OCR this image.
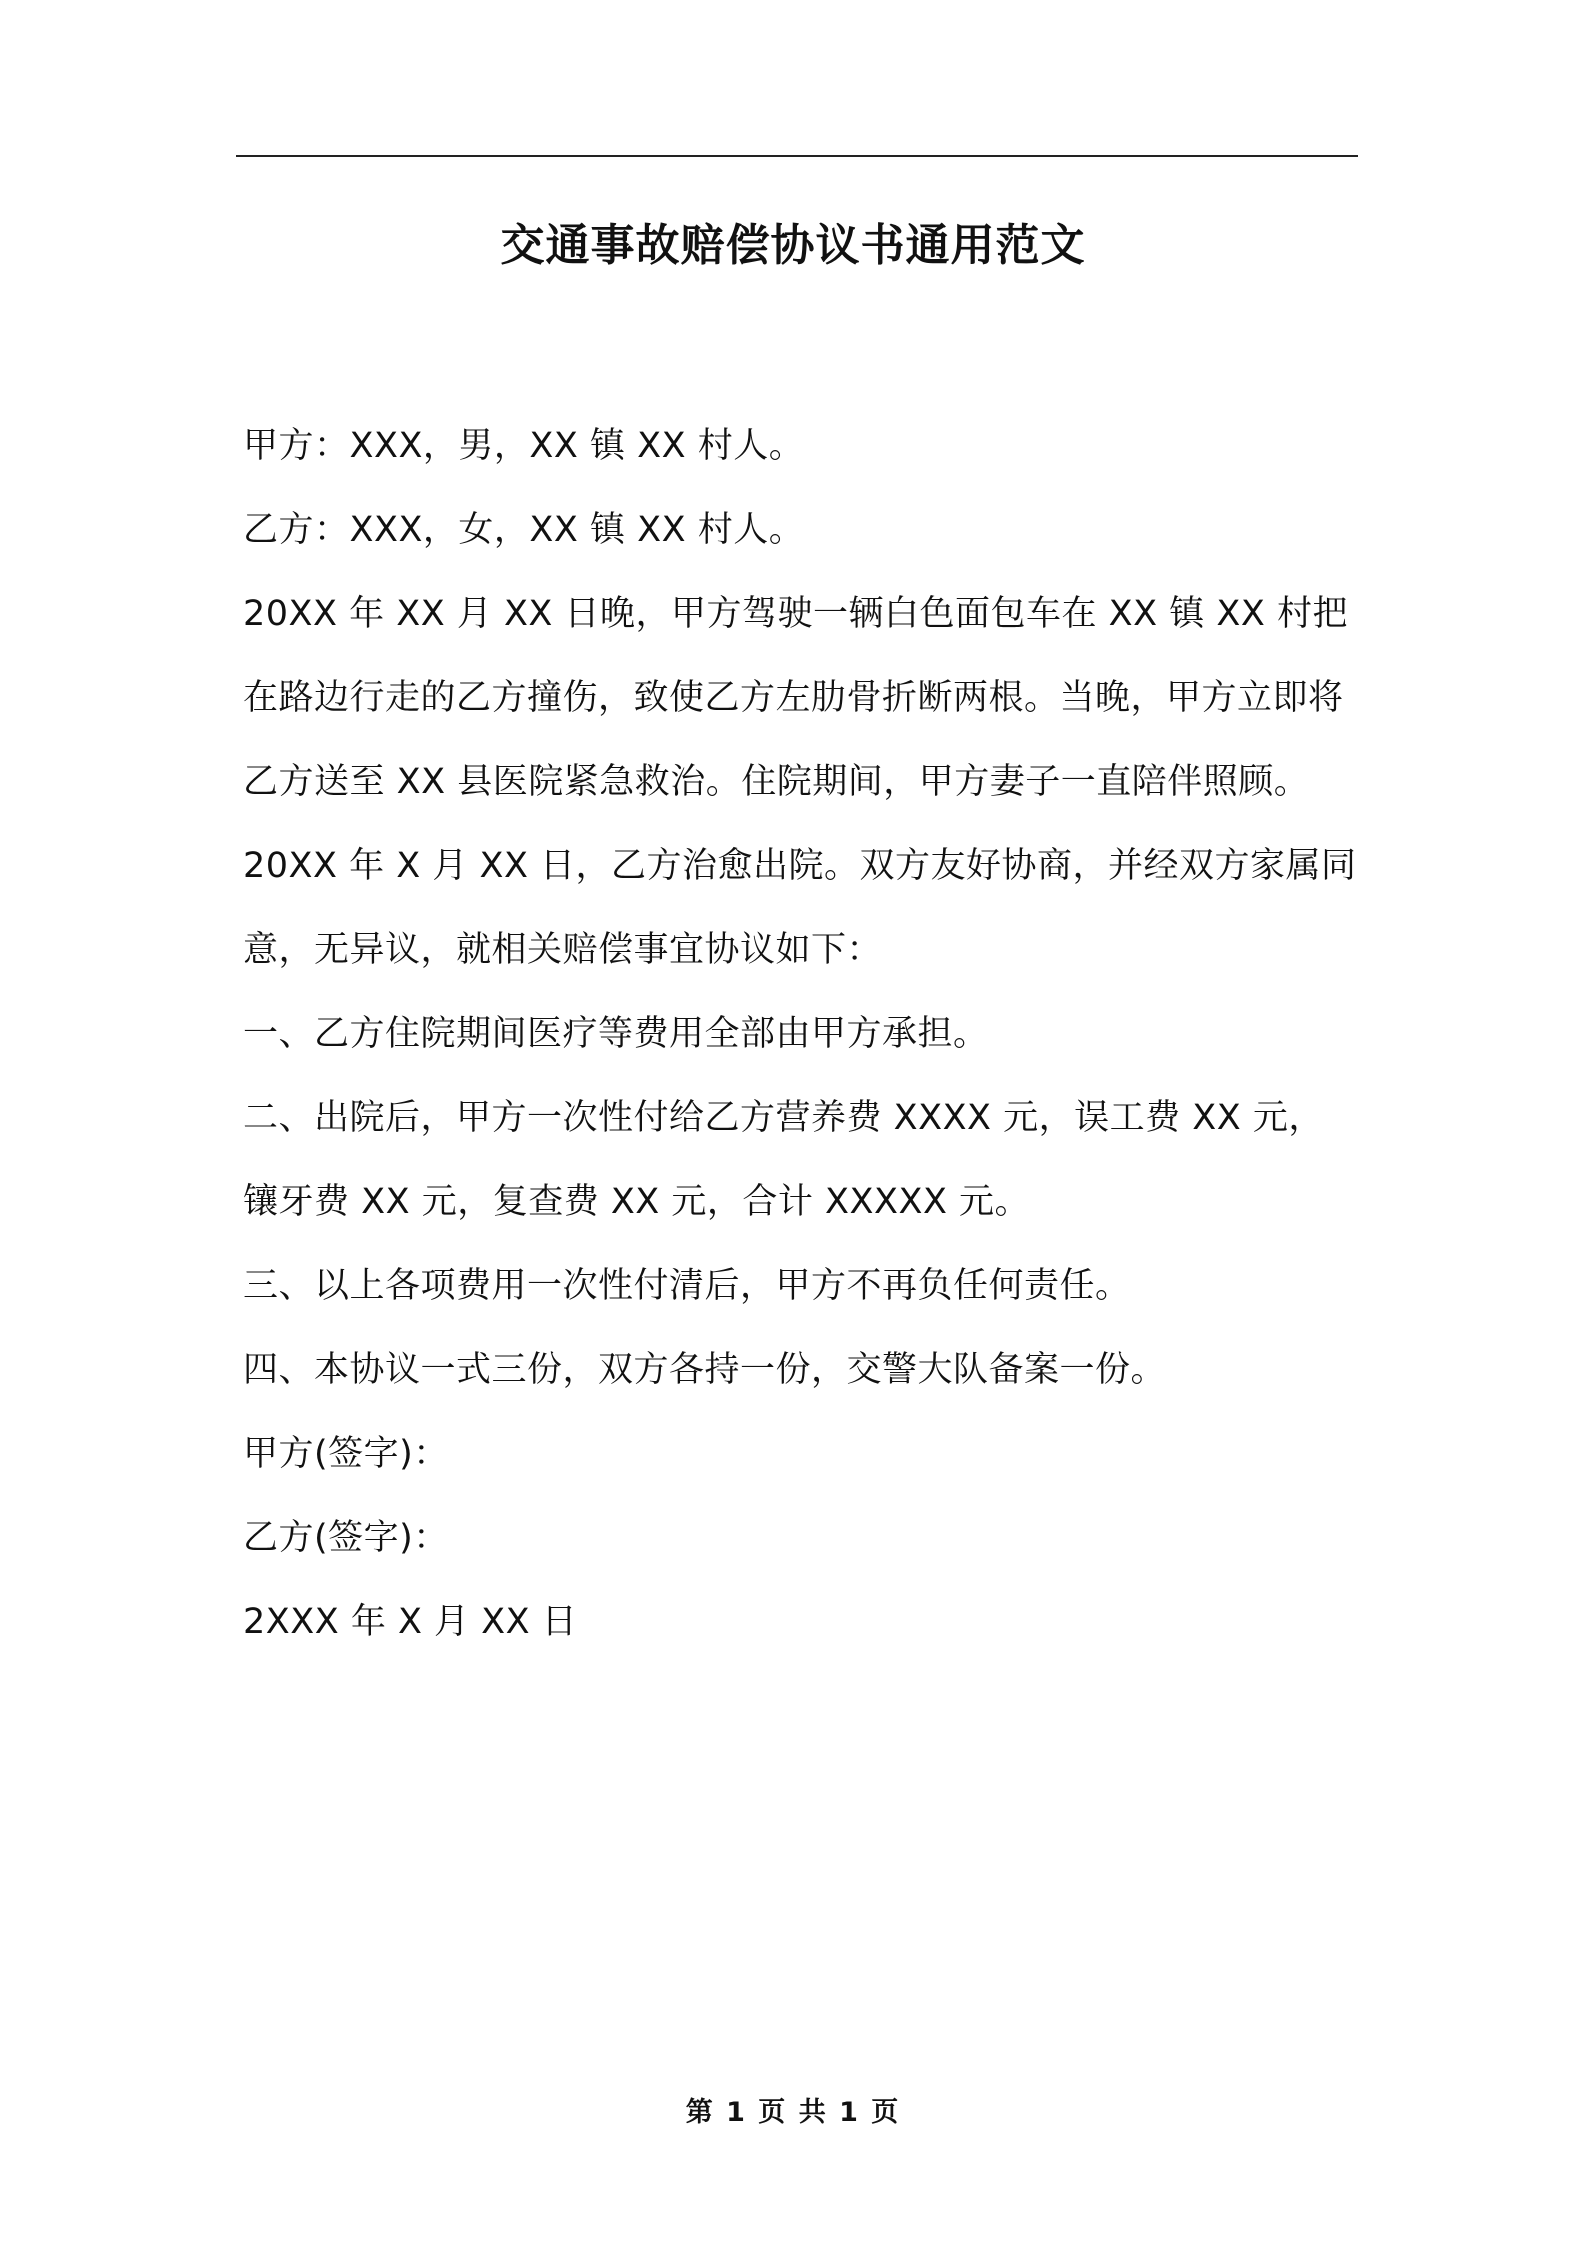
交通事故赔偿协议书通用范文

甲方：XXX，男，XX 镇 XX 村人。

乙方：XXX，女，XX 镇 XX 村人。

20XX 年 XX 月 XX 日晚，甲方驾驶一辆白色面包车在 XX 镇 XX 村把在路边行走的乙方撞伤，致使乙方左肋骨折断两根。当晚，甲方立即将乙方送至 XX 县医院紧急救治。住院期间，甲方妻子一直陪伴照顾。

20XX 年 X 月 XX 日，乙方治愈出院。双方友好协商，并经双方家属同意，无异议，就相关赔偿事宜协议如下：

一、乙方住院期间医疗等费用全部由甲方承担。

二、出院后，甲方一次性付给乙方营养费 XXXX 元，误工费 XX 元，镶牙费 XX 元，复查费 XX 元，合计 XXXXX 元。

三、以上各项费用一次性付清后，甲方不再负任何责任。

四、本协议一式三份，双方各持一份，交警大队备案一份。

甲方(签字)：

乙方(签字)：

2XXX 年 X 月 XX 日

第 1 页 共 1 页
